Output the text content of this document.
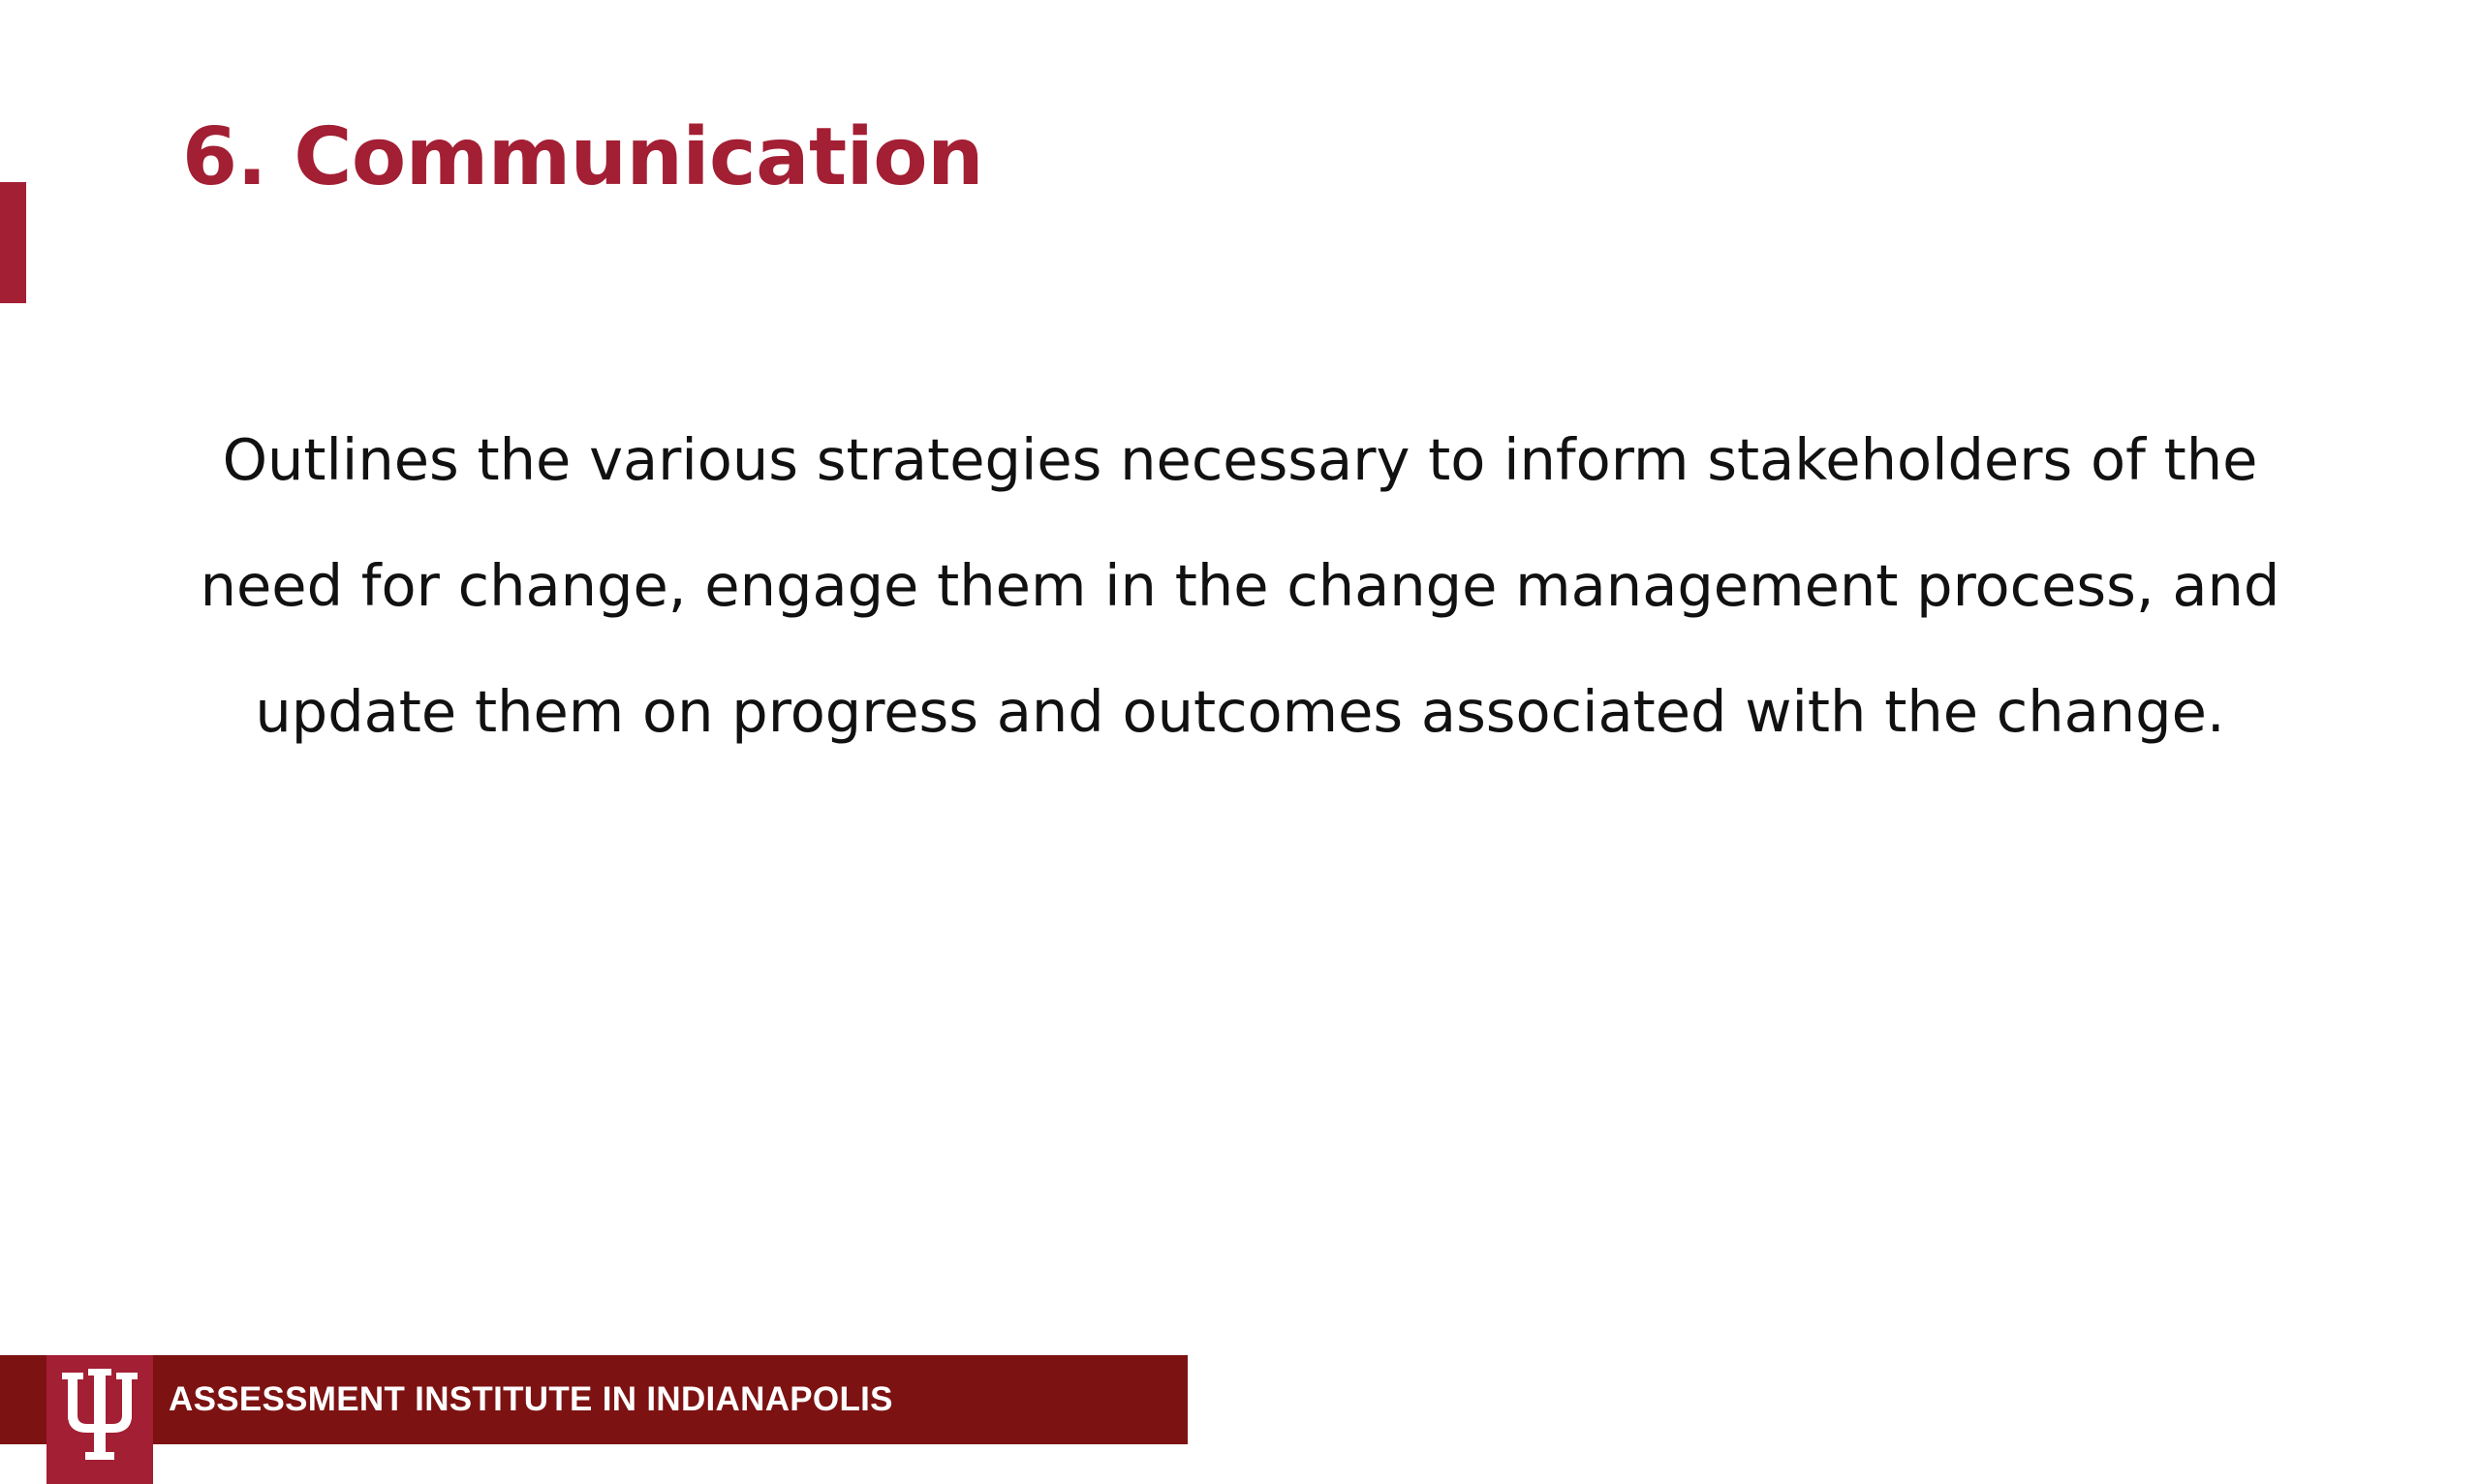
6. Communication

Outlines the various strategies necessary to inform stakeholders of the need for change, engage them in the change management process, and update them on progress and outcomes associated with the change.

ASSESSMENT INSTITUTE IN INDIANAPOLIS
